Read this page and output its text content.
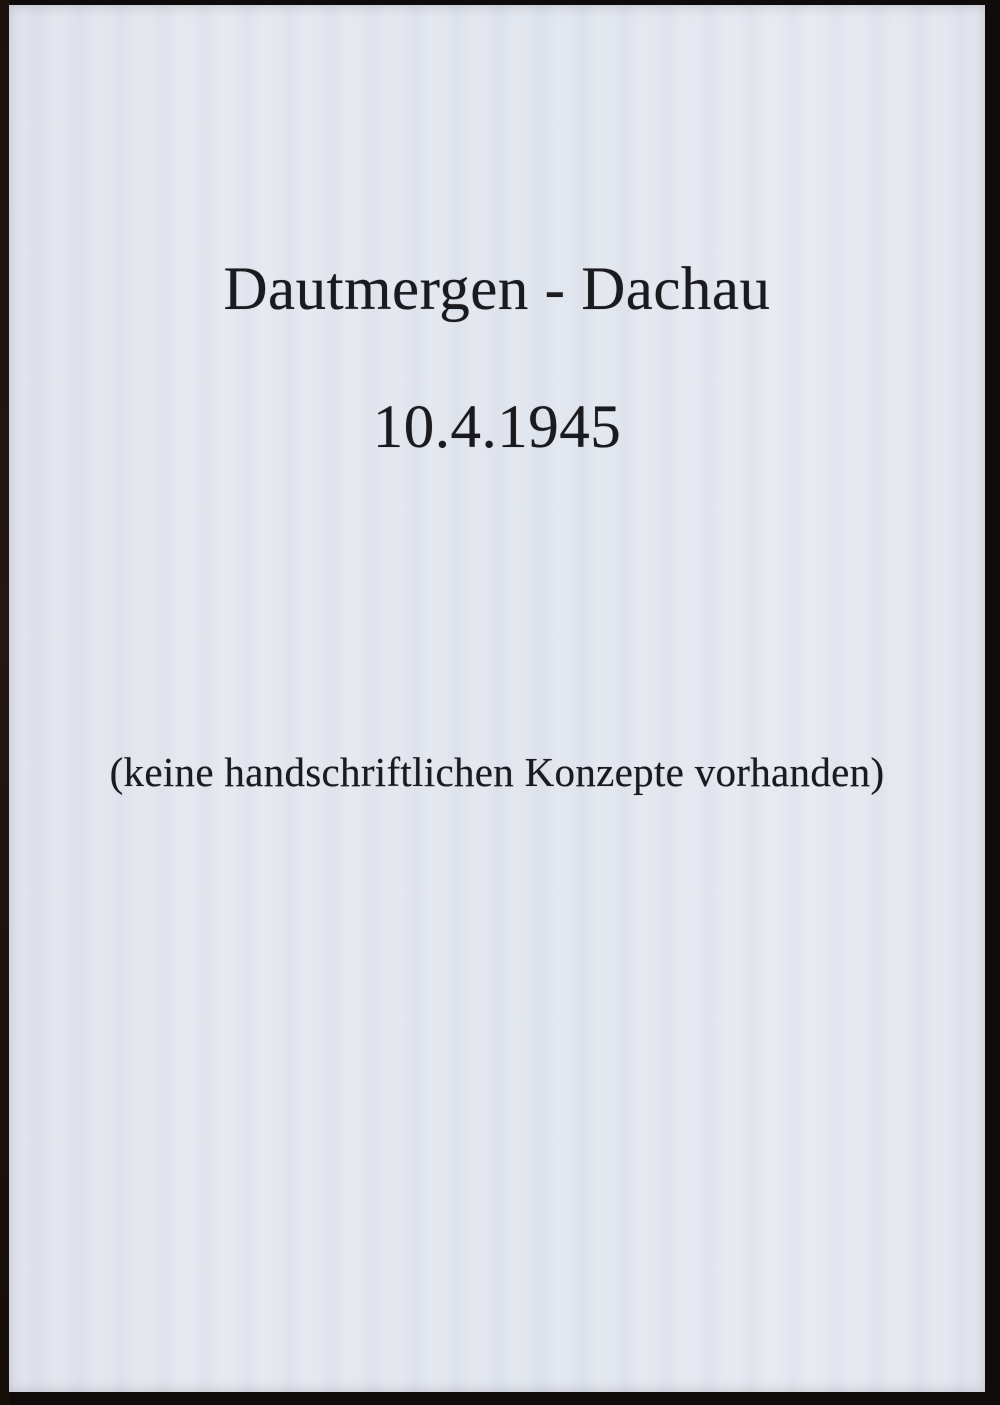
Dautmergen - Dachau
10.4.1945
(keine handschriftlichen Konzepte vorhanden)
